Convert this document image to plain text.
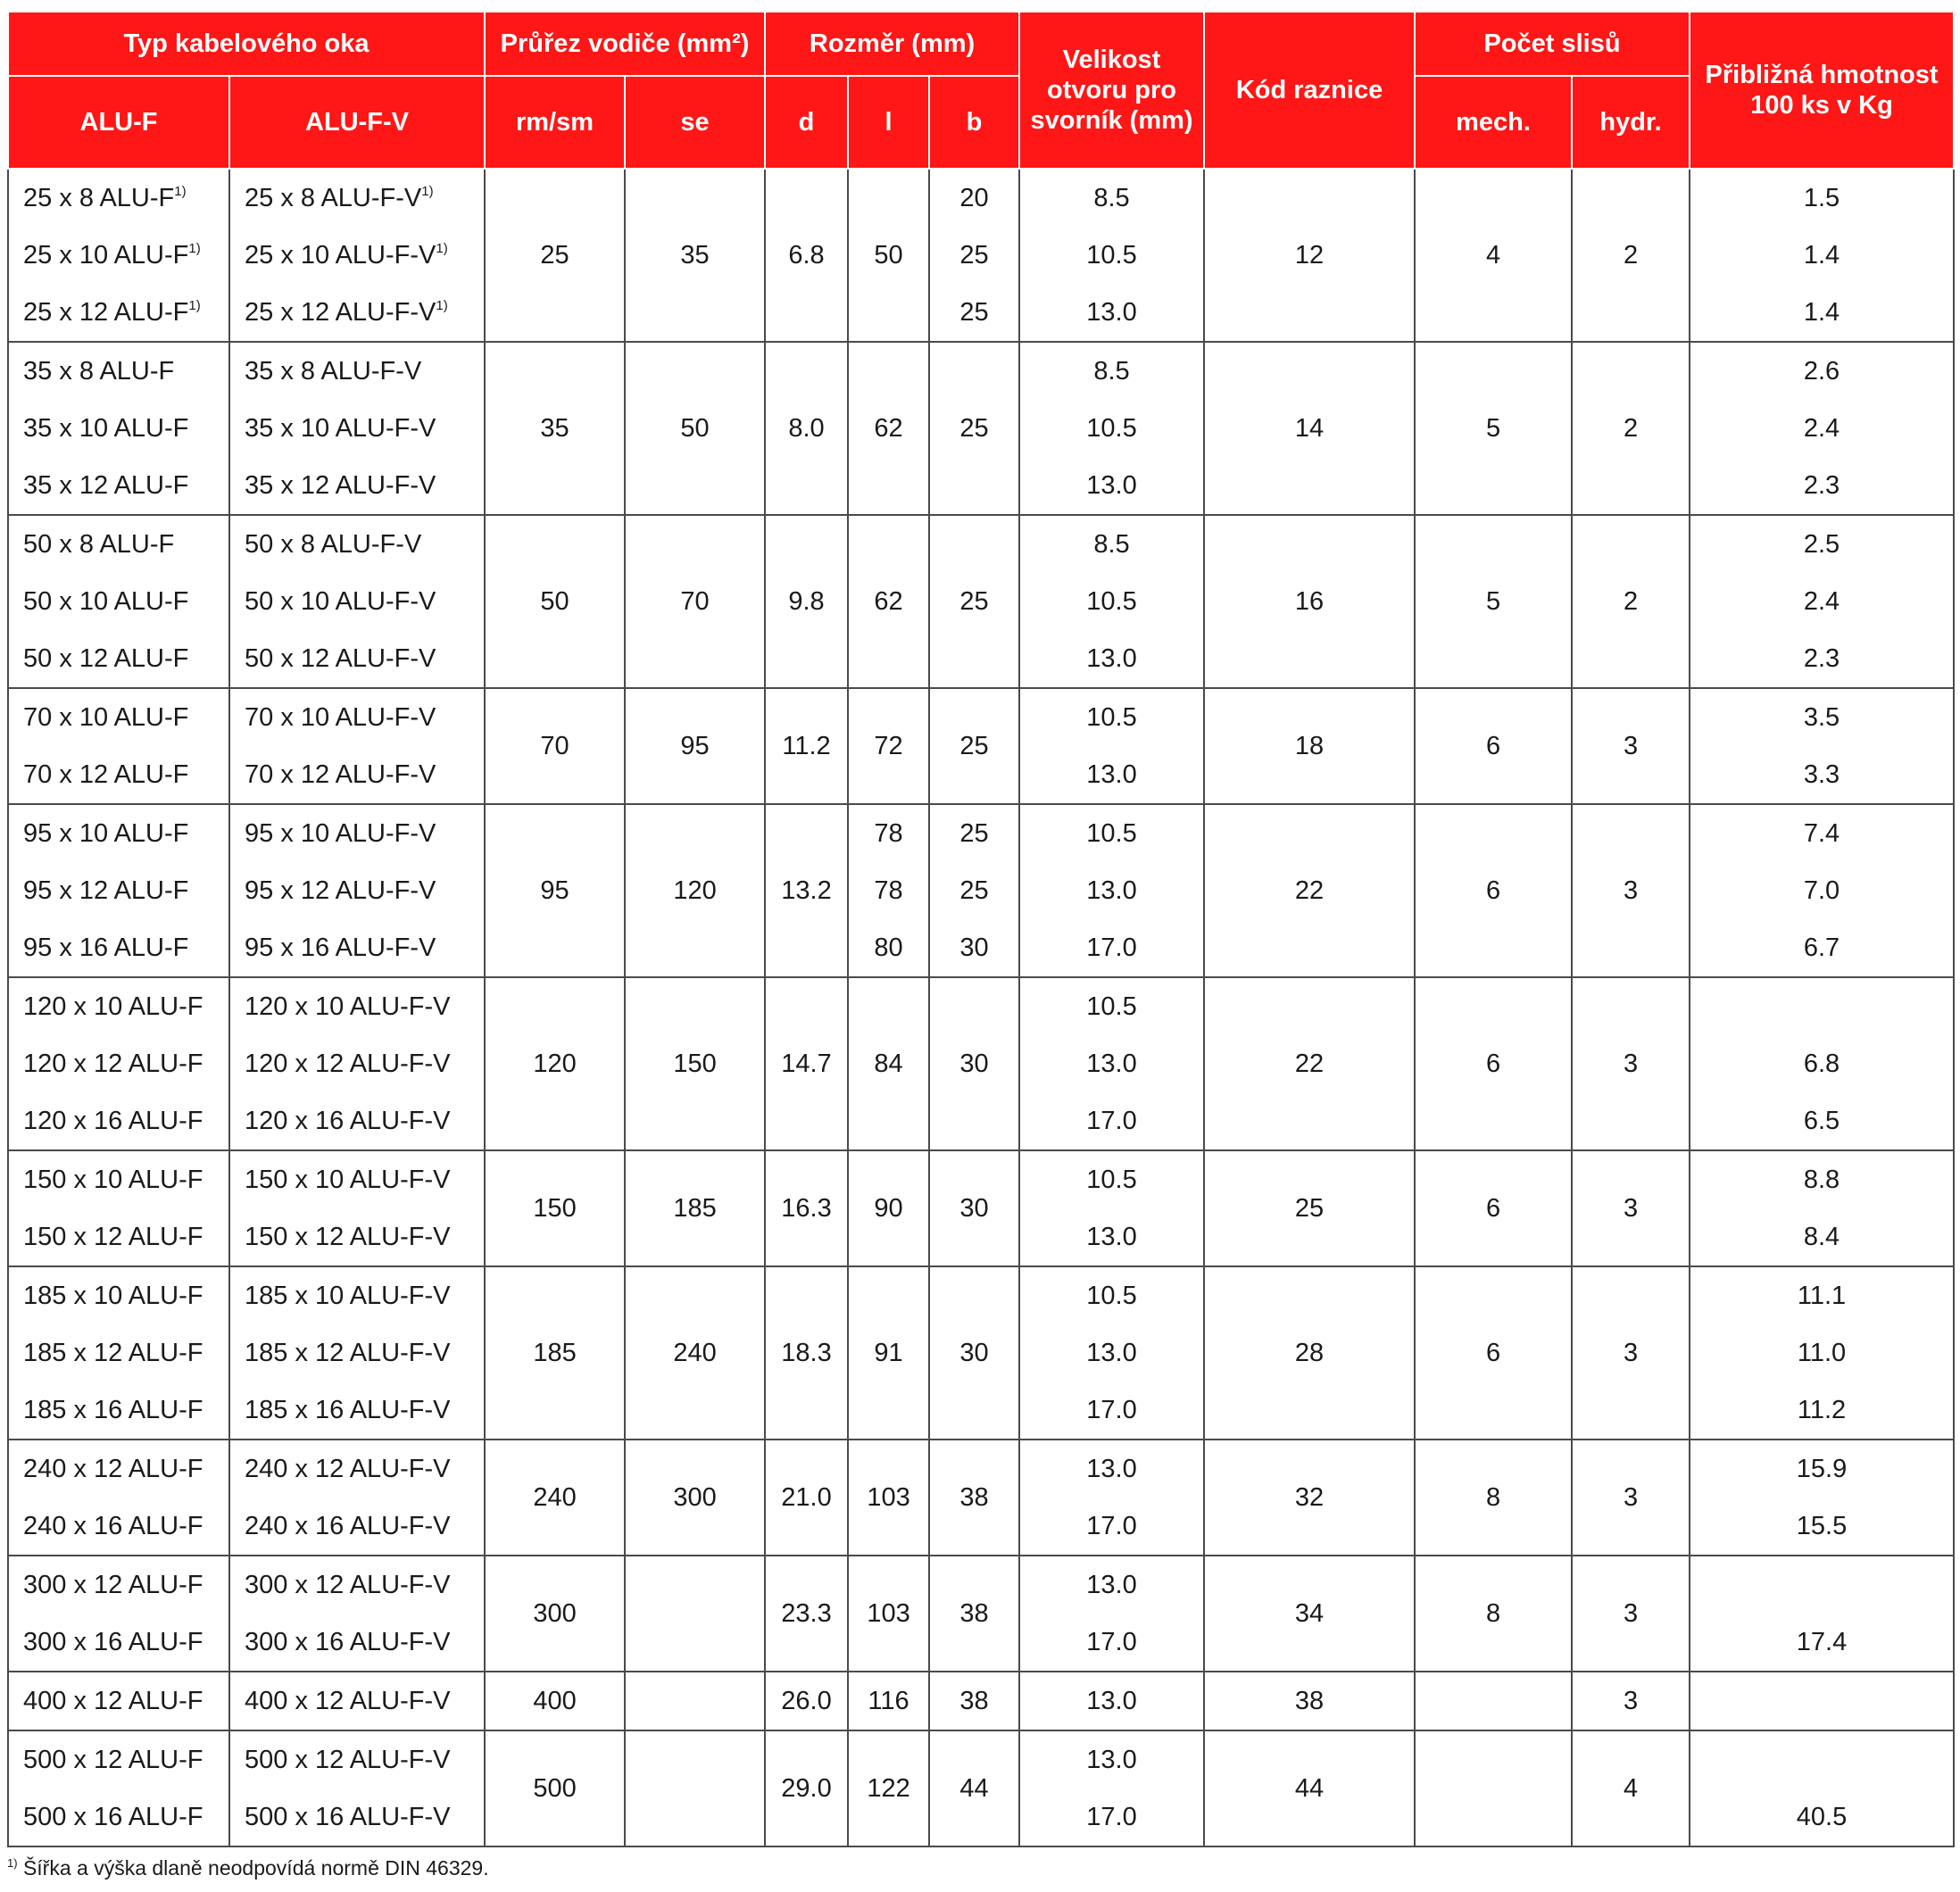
Typ kabelového oka		Průřez vodiče (mm²)		Rozměr (mm)			Velikost otvoru pro svorník (mm)	Kód raznice	Počet slisů		Přibližná hmotnost 100 ks v Kg
ALU-F	ALU-F-V	rm/sm	se	d	l	b			mech.	hydr.	
25 x 8 ALU-$F^{1)}$	25 x 8 ALU-$F-V^{1)}$	25	35	6.8	50	20	8.5	12	4	2	1.5
25 x 10 ALU-$F^{1)}$	25 x 10 ALU-$F-V^{1)}$					25	10.5				1.4
25 x 12 ALU-$F^{1)}$	25 x 12 ALU-$F-V^{1)}$					25	13.0				1.4
35 x 8 ALU-F	35 x 8 ALU-F-V	35	50	8.0	62	25	8.5	14	5	2	2.6
35 x 10 ALU-F	35 x 10 ALU-F-V						10.5				2.4
35 x 12 ALU-F	35 x 12 ALU-F-V						13.0				2.3
50 x 8 ALU-F	50 x 8 ALU-F-V	50	70	9.8	62	25	8.5	16	5	2	2.5
50 x 10 ALU-F	50 x 10 ALU-F-V						10.5				2.4
50 x 12 ALU-F	50 x 12 ALU-F-V						13.0				2.3
70 x 10 ALU-F	70 x 10 ALU-F-V	70	95	11.2	72	25	10.5	18	6	3	3.5
70 x 12 ALU-F	70 x 12 ALU-F-V						13.0				3.3
95 x 10 ALU-F	95 x 10 ALU-F-V	95	120	13.2	78	25	10.5	22	6	3	7.4
95 x 12 ALU-F	95 x 12 ALU-F-V				78	25	13.0				7.0
95 x 16 ALU-F	95 x 16 ALU-F-V				80	30	17.0				6.7
120 x 10 ALU-F	120 x 10 ALU-F-V	120	150	14.7	84	30	10.5	22	6	3	
120 x 12 ALU-F	120 x 12 ALU-F-V						13.0				6.8
120 x 16 ALU-F	120 x 16 ALU-F-V						17.0				6.5
150 x 10 ALU-F	150 x 10 ALU-F-V	150	185	16.3	90	30	10.5	25	6	3	8.8
150 x 12 ALU-F	150 x 12 ALU-F-V						13.0				8.4
185 x 10 ALU-F	185 x 10 ALU-F-V	185	240	18.3	91	30	10.5	28	6	3	11.1
185 x 12 ALU-F	185 x 12 ALU-F-V						13.0				11.0
185 x 16 ALU-F	185 x 16 ALU-F-V						17.0				11.2
240 x 12 ALU-F	240 x 12 ALU-F-V	240	300	21.0	103	38	13.0	32	8	3	15.9
240 x 16 ALU-F	240 x 16 ALU-F-V						17.0				15.5
300 x 12 ALU-F	300 x 12 ALU-F-V	300		23.3	103	38	13.0	34	8	3	
300 x 16 ALU-F	300 x 16 ALU-F-V						17.0				17.4
400 x 12 ALU-F	400 x 12 ALU-F-V	400		26.0	116	38	13.0	38		3	
500 x 12 ALU-F	500 x 12 ALU-F-V	500		29.0	122	44	13.0	44		4	
500 x 16 ALU-F	500 x 16 ALU-F-V						17.0				40.5
$^{1)}$ Šířka a výška dlaně neodpovídá normě DIN 46329.
